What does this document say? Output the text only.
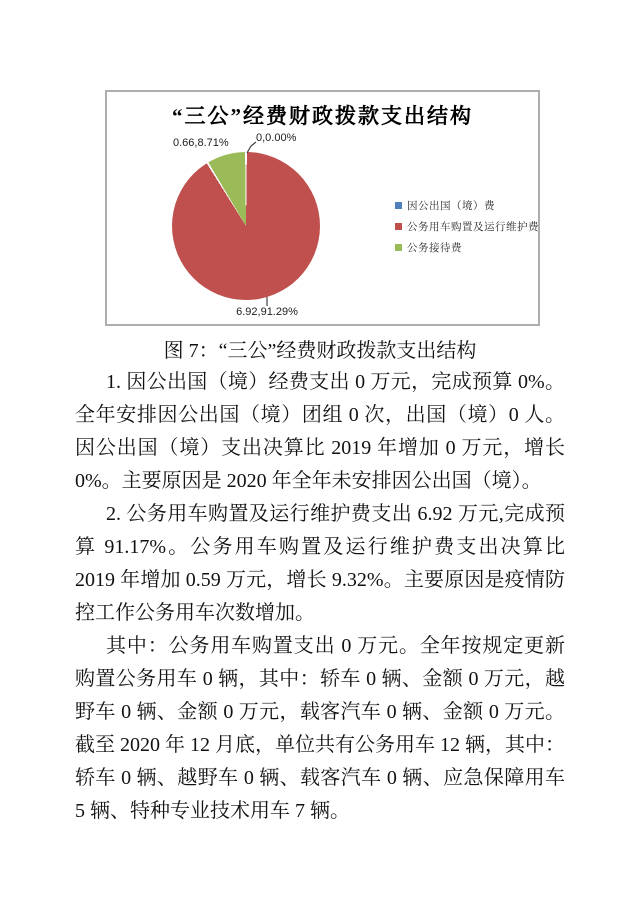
“三公”经费财政拨款支出结构
0.66,8.71% 0,0.00%
6.92,91.29%
因公出国（境）费
公务用车购置及运行维护费
公务接待费
图 7：“三公”经费财政拨款支出结构

1. 因公出国（境）经费支出 0 万元，完成预算 0%。全年安排因公出国（境）团组 0 次，出国（境）0 人。因公出国（境）支出决算比 2019 年增加 0 万元，增长 0%。主要原因是 2020 年全年未安排因公出国（境）。

2. 公务用车购置及运行维护费支出 6.92 万元,完成预算 91.17%。公务用车购置及运行维护费支出决算比 2019 年增加 0.59 万元，增长 9.32%。主要原因是疫情防控工作公务用车次数增加。

其中：公务用车购置支出 0 万元。全年按规定更新购置公务用车 0 辆，其中：轿车 0 辆、金额 0 万元，越野车 0 辆、金额 0 万元，载客汽车 0 辆、金额 0 万元。截至 2020 年 12 月底，单位共有公务用车 12 辆，其中：轿车 0 辆、越野车 0 辆、载客汽车 0 辆、应急保障用车 5 辆、特种专业技术用车 7 辆。
